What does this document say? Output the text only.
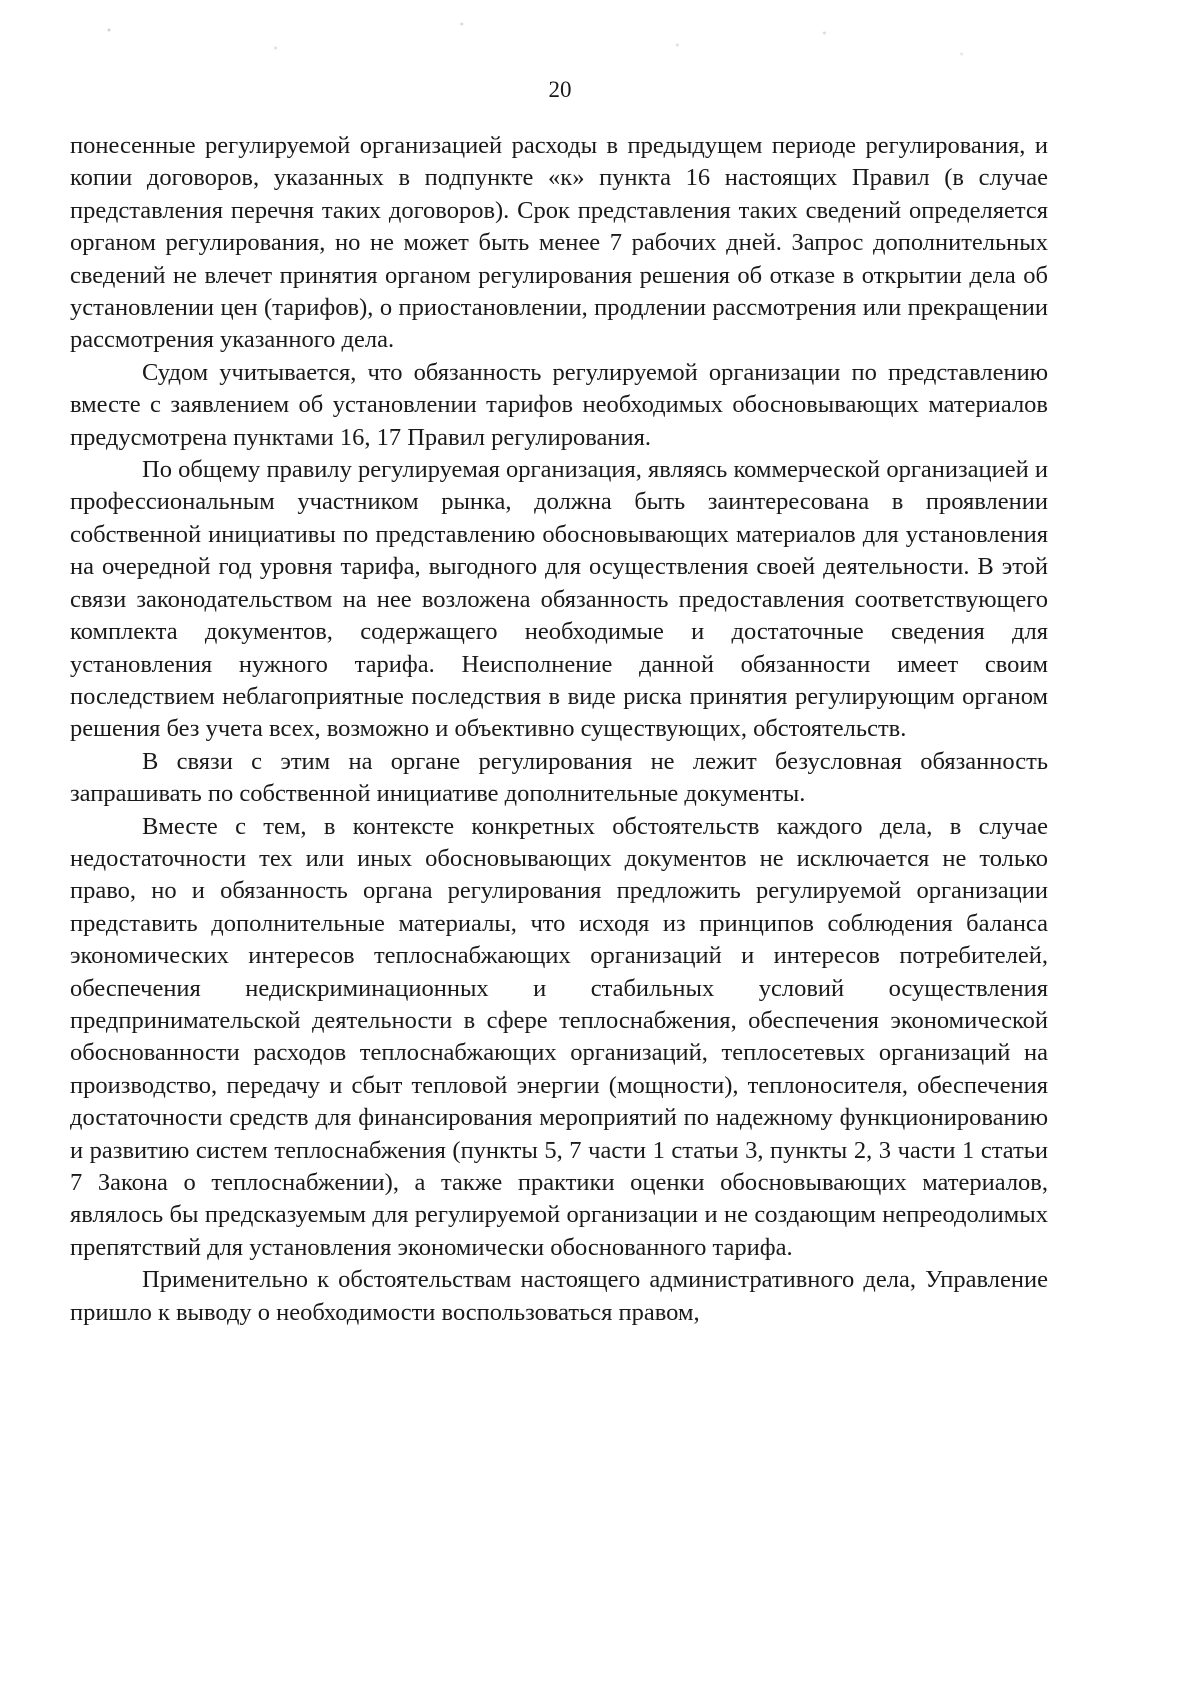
20

понесенные регулируемой организацией расходы в предыдущем периоде регулирования, и копии договоров, указанных в подпункте «к» пункта 16 настоящих Правил (в случае представления перечня таких договоров). Срок представления таких сведений определяется органом регулирования, но не может быть менее 7 рабочих дней. Запрос дополнительных сведений не влечет принятия органом регулирования решения об отказе в открытии дела об установлении цен (тарифов), о приостановлении, продлении рассмотрения или прекращении рассмотрения указанного дела.

Судом учитывается, что обязанность регулируемой организации по представлению вместе с заявлением об установлении тарифов необходимых обосновывающих материалов предусмотрена пунктами 16, 17 Правил регулирования.

По общему правилу регулируемая организация, являясь коммерческой организацией и профессиональным участником рынка, должна быть заинтересована в проявлении собственной инициативы по представлению обосновывающих материалов для установления на очередной год уровня тарифа, выгодного для осуществления своей деятельности. В этой связи законодательством на нее возложена обязанность предоставления соответствующего комплекта документов, содержащего необходимые и достаточные сведения для установления нужного тарифа. Неисполнение данной обязанности имеет своим последствием неблагоприятные последствия в виде риска принятия регулирующим органом решения без учета всех, возможно и объективно существующих, обстоятельств.

В связи с этим на органе регулирования не лежит безусловная обязанность запрашивать по собственной инициативе дополнительные документы.

Вместе с тем, в контексте конкретных обстоятельств каждого дела, в случае недостаточности тех или иных обосновывающих документов не исключается не только право, но и обязанность органа регулирования предложить регулируемой организации представить дополнительные материалы, что исходя из принципов соблюдения баланса экономических интересов теплоснабжающих организаций и интересов потребителей, обеспечения недискриминационных и стабильных условий осуществления предпринимательской деятельности в сфере теплоснабжения, обеспечения экономической обоснованности расходов теплоснабжающих организаций, теплосетевых организаций на производство, передачу и сбыт тепловой энергии (мощности), теплоносителя, обеспечения достаточности средств для финансирования мероприятий по надежному функционированию и развитию систем теплоснабжения (пункты 5, 7 части 1 статьи 3, пункты 2, 3 части 1 статьи 7 Закона о теплоснабжении), а также практики оценки обосновывающих материалов, являлось бы предсказуемым для регулируемой организации и не создающим непреодолимых препятствий для установления экономически обоснованного тарифа.

Применительно к обстоятельствам настоящего административного дела, Управление пришло к выводу о необходимости воспользоваться правом,
